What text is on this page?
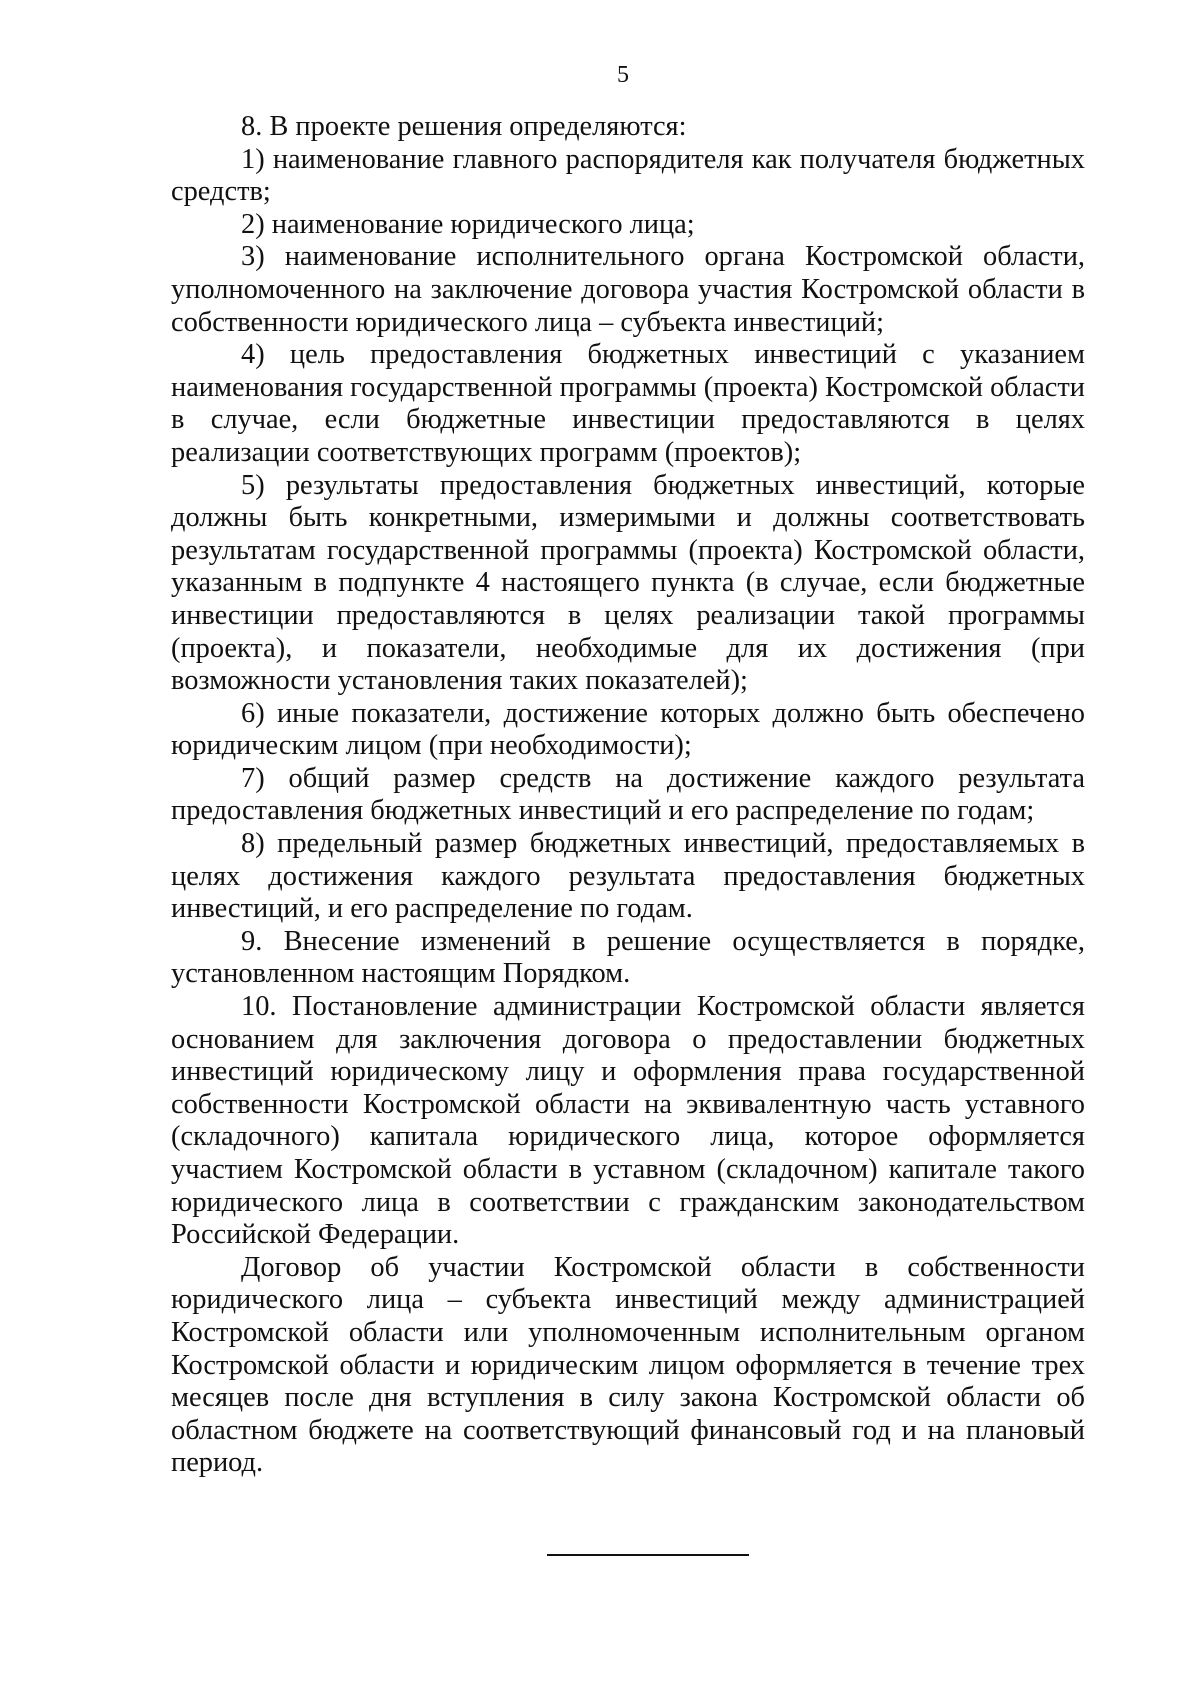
5

8. В проекте решения определяются:

1) наименование главного распорядителя как получателя бюджетных средств;

2) наименование юридического лица;

3) наименование исполнительного органа Костромской области, уполномоченного на заключение договора участия Костромской области в собственности юридического лица – субъекта инвестиций;

4) цель предоставления бюджетных инвестиций с указанием наименования государственной программы (проекта) Костромской области в случае, если бюджетные инвестиции предоставляются в целях реализации соответствующих программ (проектов);

5) результаты предоставления бюджетных инвестиций, которые должны быть конкретными, измеримыми и должны соответствовать результатам государственной программы (проекта) Костромской области, указанным в подпункте 4 настоящего пункта (в случае, если бюджетные инвестиции предоставляются в целях реализации такой программы (проекта), и показатели, необходимые для их достижения (при возможности установления таких показателей);

6) иные показатели, достижение которых должно быть обеспечено юридическим лицом (при необходимости);

7) общий размер средств на достижение каждого результата предоставления бюджетных инвестиций и его распределение по годам;

8) предельный размер бюджетных инвестиций, предоставляемых в целях достижения каждого результата предоставления бюджетных инвестиций, и его распределение по годам.

9. Внесение изменений в решение осуществляется в порядке, установленном настоящим Порядком.

10. Постановление администрации Костромской области является основанием для заключения договора о предоставлении бюджетных инвестиций юридическому лицу и оформления права государственной собственности Костромской области на эквивалентную часть уставного (складочного) капитала юридического лица, которое оформляется участием Костромской области в уставном (складочном) капитале такого юридического лица в соответствии с гражданским законодательством Российской Федерации.

Договор об участии Костромской области в собственности юридического лица – субъекта инвестиций между администрацией Костромской области или уполномоченным исполнительным органом Костромской области и юридическим лицом оформляется в течение трех месяцев после дня вступления в силу закона Костромской области об областном бюджете на соответствующий финансовый год и на плановый период.
